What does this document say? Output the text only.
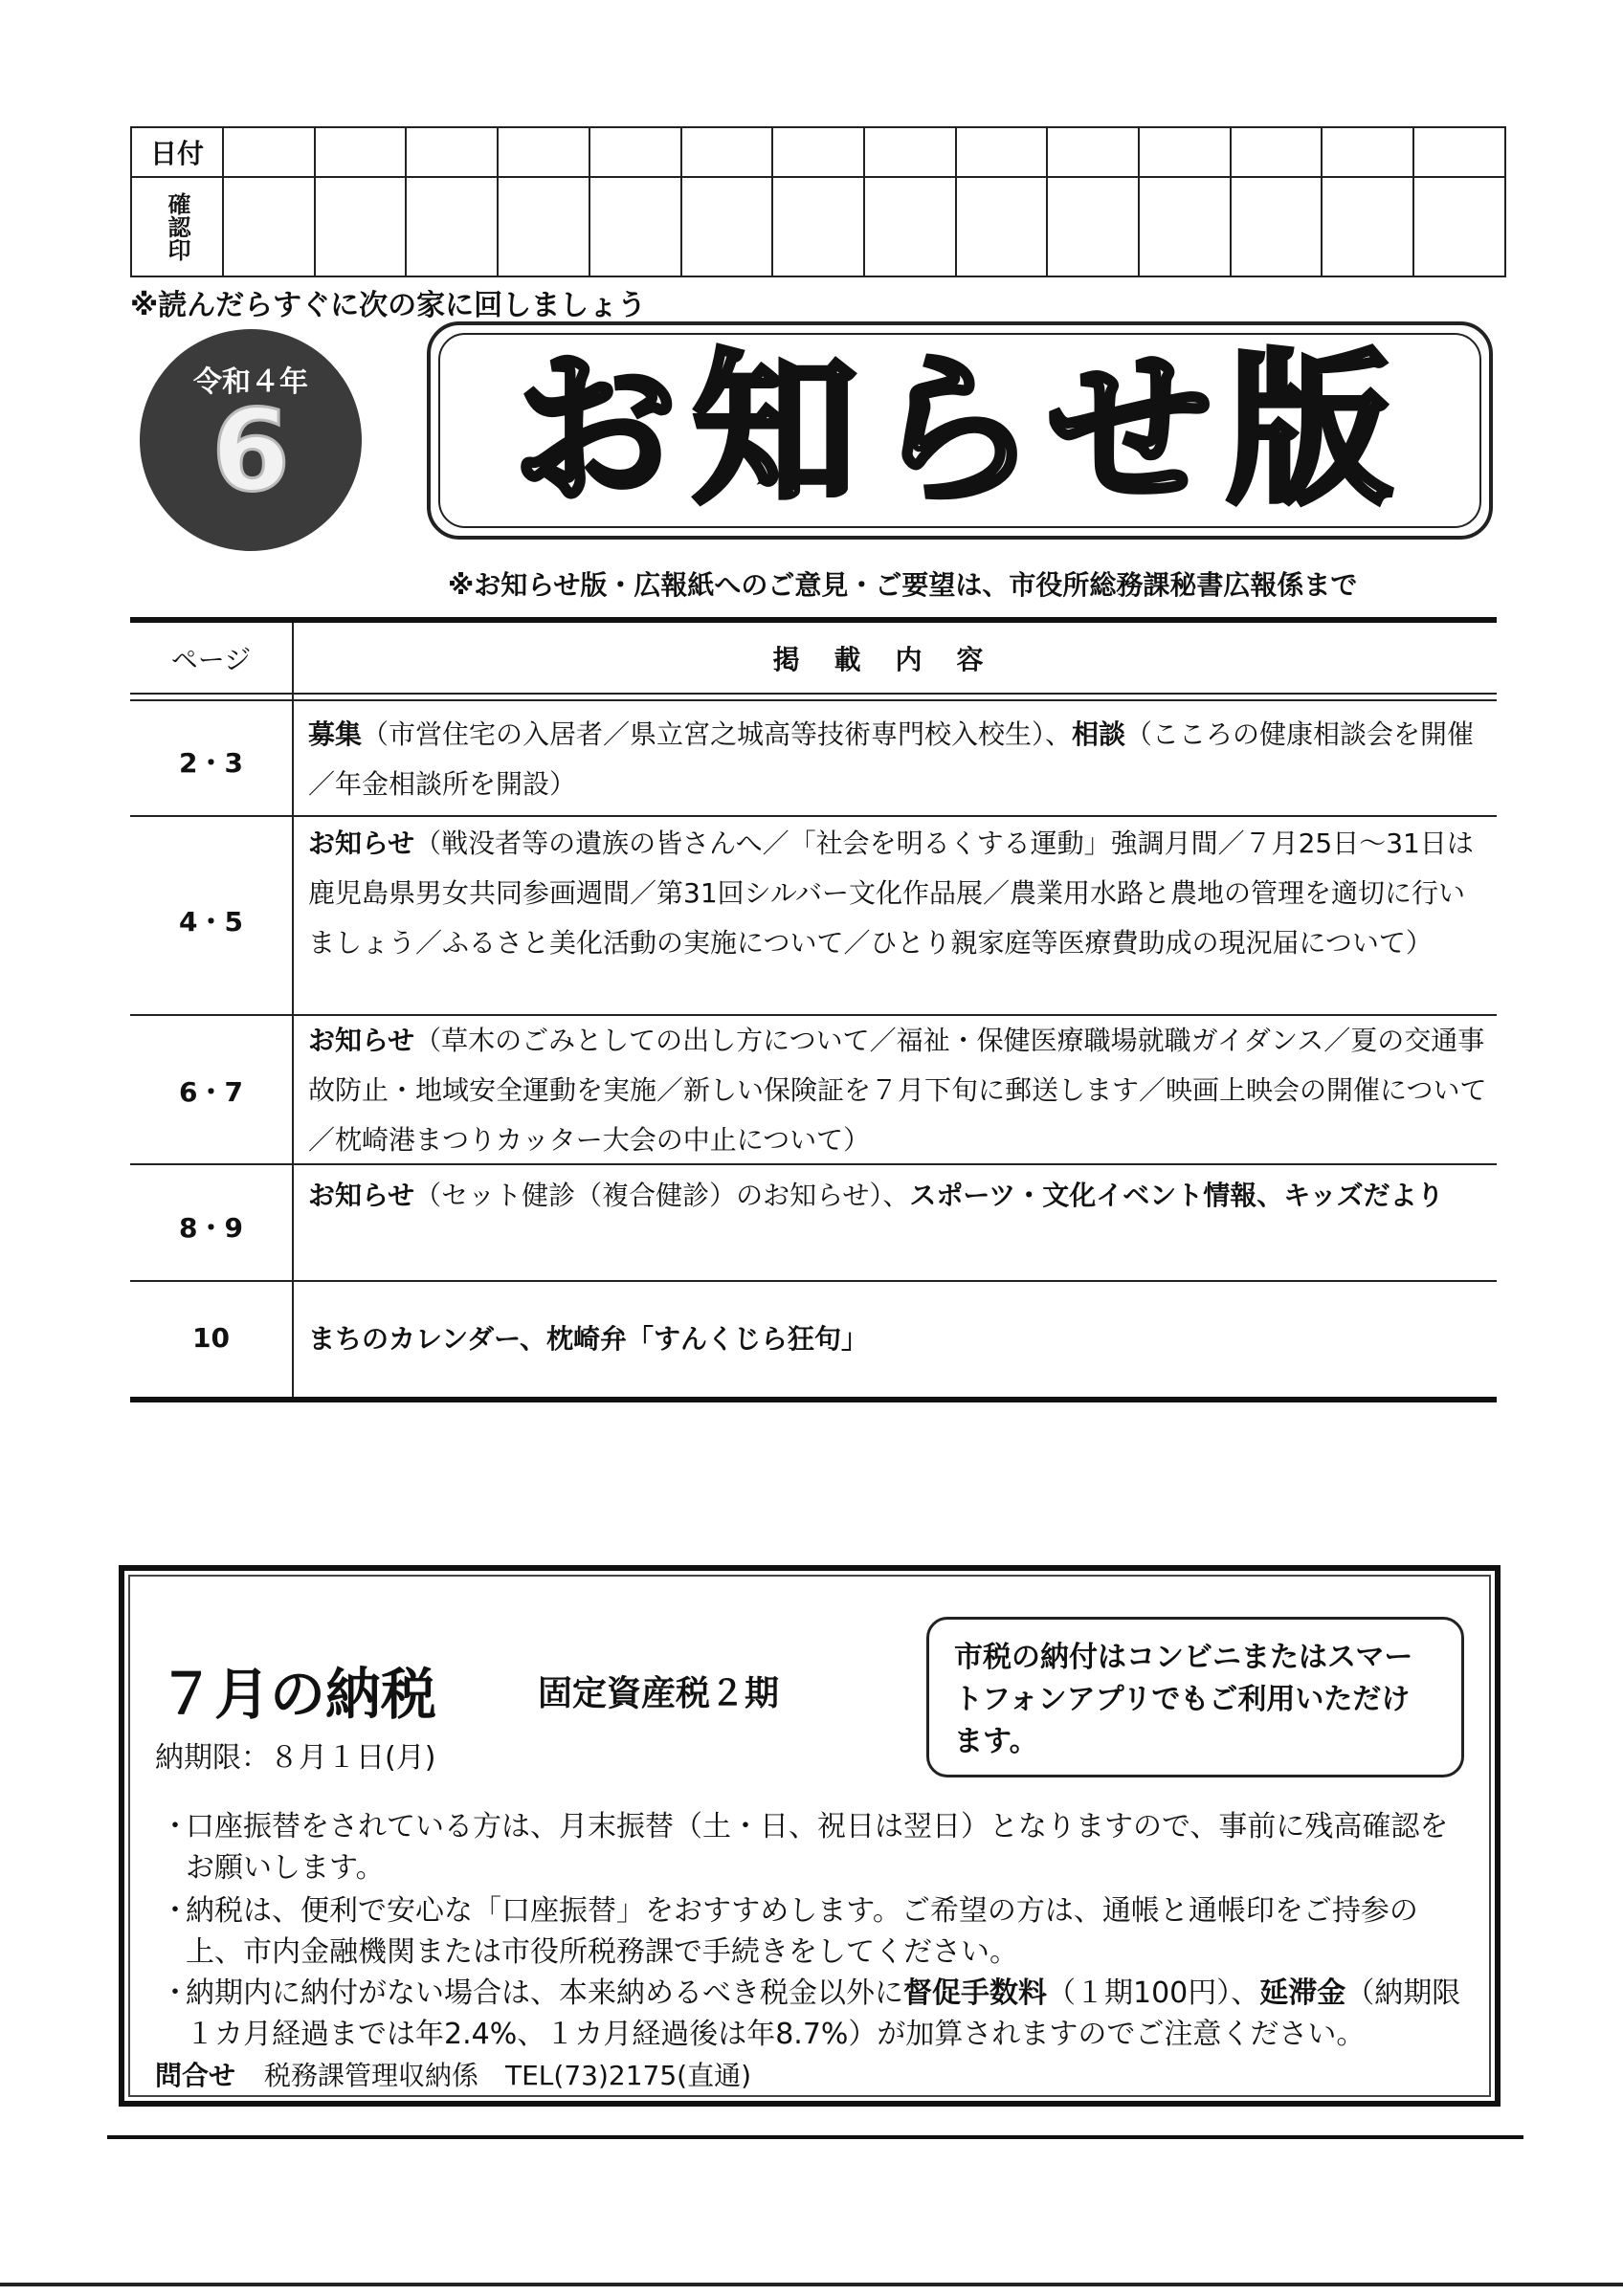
日付														

確認印														

※読んだらすぐに次の家に回しましょう
令和４年
6	お知らせ版
※お知らせ版・広報紙へのご意見・ご要望は、市役所総務課秘書広報係まで
ページ	掲載内容
2・3
募集（市営住宅の入居者／県立宮之城高等技術専門校入校生）、相談（こころの健康相談会を開催／年金相談所を開設）
4・5
お知らせ（戦没者等の遺族の皆さんへ／「社会を明るくする運動」強調月間／７月25日～31日は鹿児島県男女共同参画週間／第31回シルバー文化作品展／農業用水路と農地の管理を適切に行いましょう／ふるさと美化活動の実施について／ひとり親家庭等医療費助成の現況届について）
6・7
お知らせ（草木のごみとしての出し方について／福祉・保健医療職場就職ガイダンス／夏の交通事故防止・地域安全運動を実施／新しい保険証を７月下旬に郵送します／映画上映会の開催について／枕崎港まつりカッター大会の中止について）
8・9
お知らせ（セット健診（複合健診）のお知らせ）、スポーツ・文化イベント情報、キッズだより
10	まちのカレンダー、枕崎弁「すんくじら狂句」
７月の納税	固定資産税２期
納期限：８月１日(月)
市税の納付はコンビニまたはスマートフォンアプリでもご利用いただけます。
・
口座振替をされている方は、月末振替（土・日、祝日は翌日）となりますので、事前に残高確認をお願いします。
・
納税は、便利で安心な「口座振替」をおすすめします。ご希望の方は、通帳と通帳印をご持参の上、市内金融機関または市役所税務課で手続きをしてください。
・
納期内に納付がない場合は、本来納めるべき税金以外に督促手数料（１期100円）、延滞金（納期限１カ月経過までは年2.4%、１カ月経過後は年8.7%）が加算されますのでご注意ください。
問合せ 税務課管理収納係　TEL(73)2175(直通)
